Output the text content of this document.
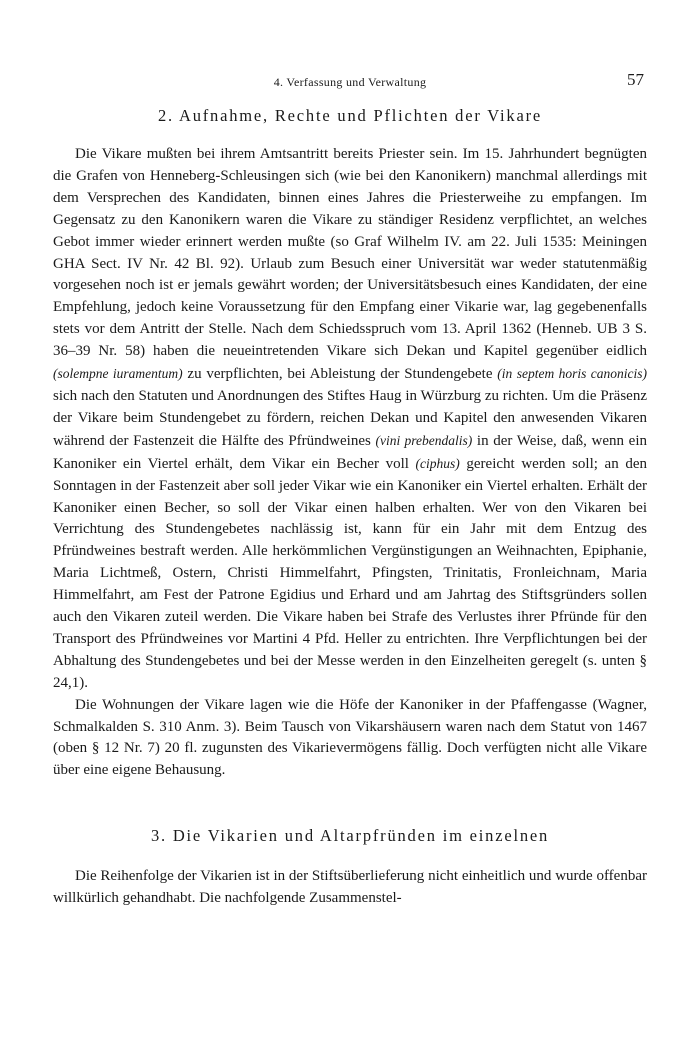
4. Verfassung und Verwaltung	57
2. Aufnahme, Rechte und Pflichten der Vikare

Die Vikare mußten bei ihrem Amtsantritt bereits Priester sein. Im 15. Jahrhundert begnügten die Grafen von Henneberg-Schleusingen sich (wie bei den Kanonikern) manchmal allerdings mit dem Versprechen des Kandidaten, binnen eines Jahres die Priesterweihe zu empfangen. Im Gegensatz zu den Kanonikern waren die Vikare zu ständiger Residenz verpflichtet, an welches Gebot immer wieder erinnert werden mußte (so Graf Wilhelm IV. am 22. Juli 1535: Meiningen GHA Sect. IV Nr. 42 Bl. 92). Urlaub zum Besuch einer Universität war weder statutenmäßig vorgesehen noch ist er jemals gewährt worden; der Universitätsbesuch eines Kandidaten, der eine Empfehlung, jedoch keine Voraussetzung für den Empfang einer Vikarie war, lag gegebenenfalls stets vor dem Antritt der Stelle. Nach dem Schiedsspruch vom 13. April 1362 (Henneb. UB 3 S. 36–39 Nr. 58) haben die neueintretenden Vikare sich Dekan und Kapitel gegenüber eidlich (solempne iuramentum) zu verpflichten, bei Ableistung der Stundengebete (in septem horis canonicis) sich nach den Statuten und Anordnungen des Stiftes Haug in Würzburg zu richten. Um die Präsenz der Vikare beim Stundengebet zu fördern, reichen Dekan und Kapitel den anwesenden Vikaren während der Fastenzeit die Hälfte des Pfründweines (vini prebendalis) in der Weise, daß, wenn ein Kanoniker ein Viertel erhält, dem Vikar ein Becher voll (ciphus) gereicht werden soll; an den Sonntagen in der Fastenzeit aber soll jeder Vikar wie ein Kanoniker ein Viertel erhalten. Erhält der Kanoniker einen Becher, so soll der Vikar einen halben erhalten. Wer von den Vikaren bei Verrichtung des Stundengebetes nachlässig ist, kann für ein Jahr mit dem Entzug des Pfründweines bestraft werden. Alle herkömmlichen Vergünstigungen an Weihnachten, Epiphanie, Maria Lichtmeß, Ostern, Christi Himmelfahrt, Pfingsten, Trinitatis, Fronleichnam, Maria Himmelfahrt, am Fest der Patrone Egidius und Erhard und am Jahrtag des Stiftsgründers sollen auch den Vikaren zuteil werden. Die Vikare haben bei Strafe des Verlustes ihrer Pfründe für den Transport des Pfründweines vor Martini 4 Pfd. Heller zu entrichten. Ihre Verpflichtungen bei der Abhaltung des Stundengebetes und bei der Messe werden in den Einzelheiten geregelt (s. unten § 24,1).

Die Wohnungen der Vikare lagen wie die Höfe der Kanoniker in der Pfaffengasse (Wagner, Schmalkalden S. 310 Anm. 3). Beim Tausch von Vikarshäusern waren nach dem Statut von 1467 (oben § 12 Nr. 7) 20 fl. zugunsten des Vikarievermögens fällig. Doch verfügten nicht alle Vikare über eine eigene Behausung.

3. Die Vikarien und Altarpfründen im einzelnen

Die Reihenfolge der Vikarien ist in der Stiftsüberlieferung nicht einheitlich und wurde offenbar willkürlich gehandhabt. Die nachfolgende Zusammenstel-
